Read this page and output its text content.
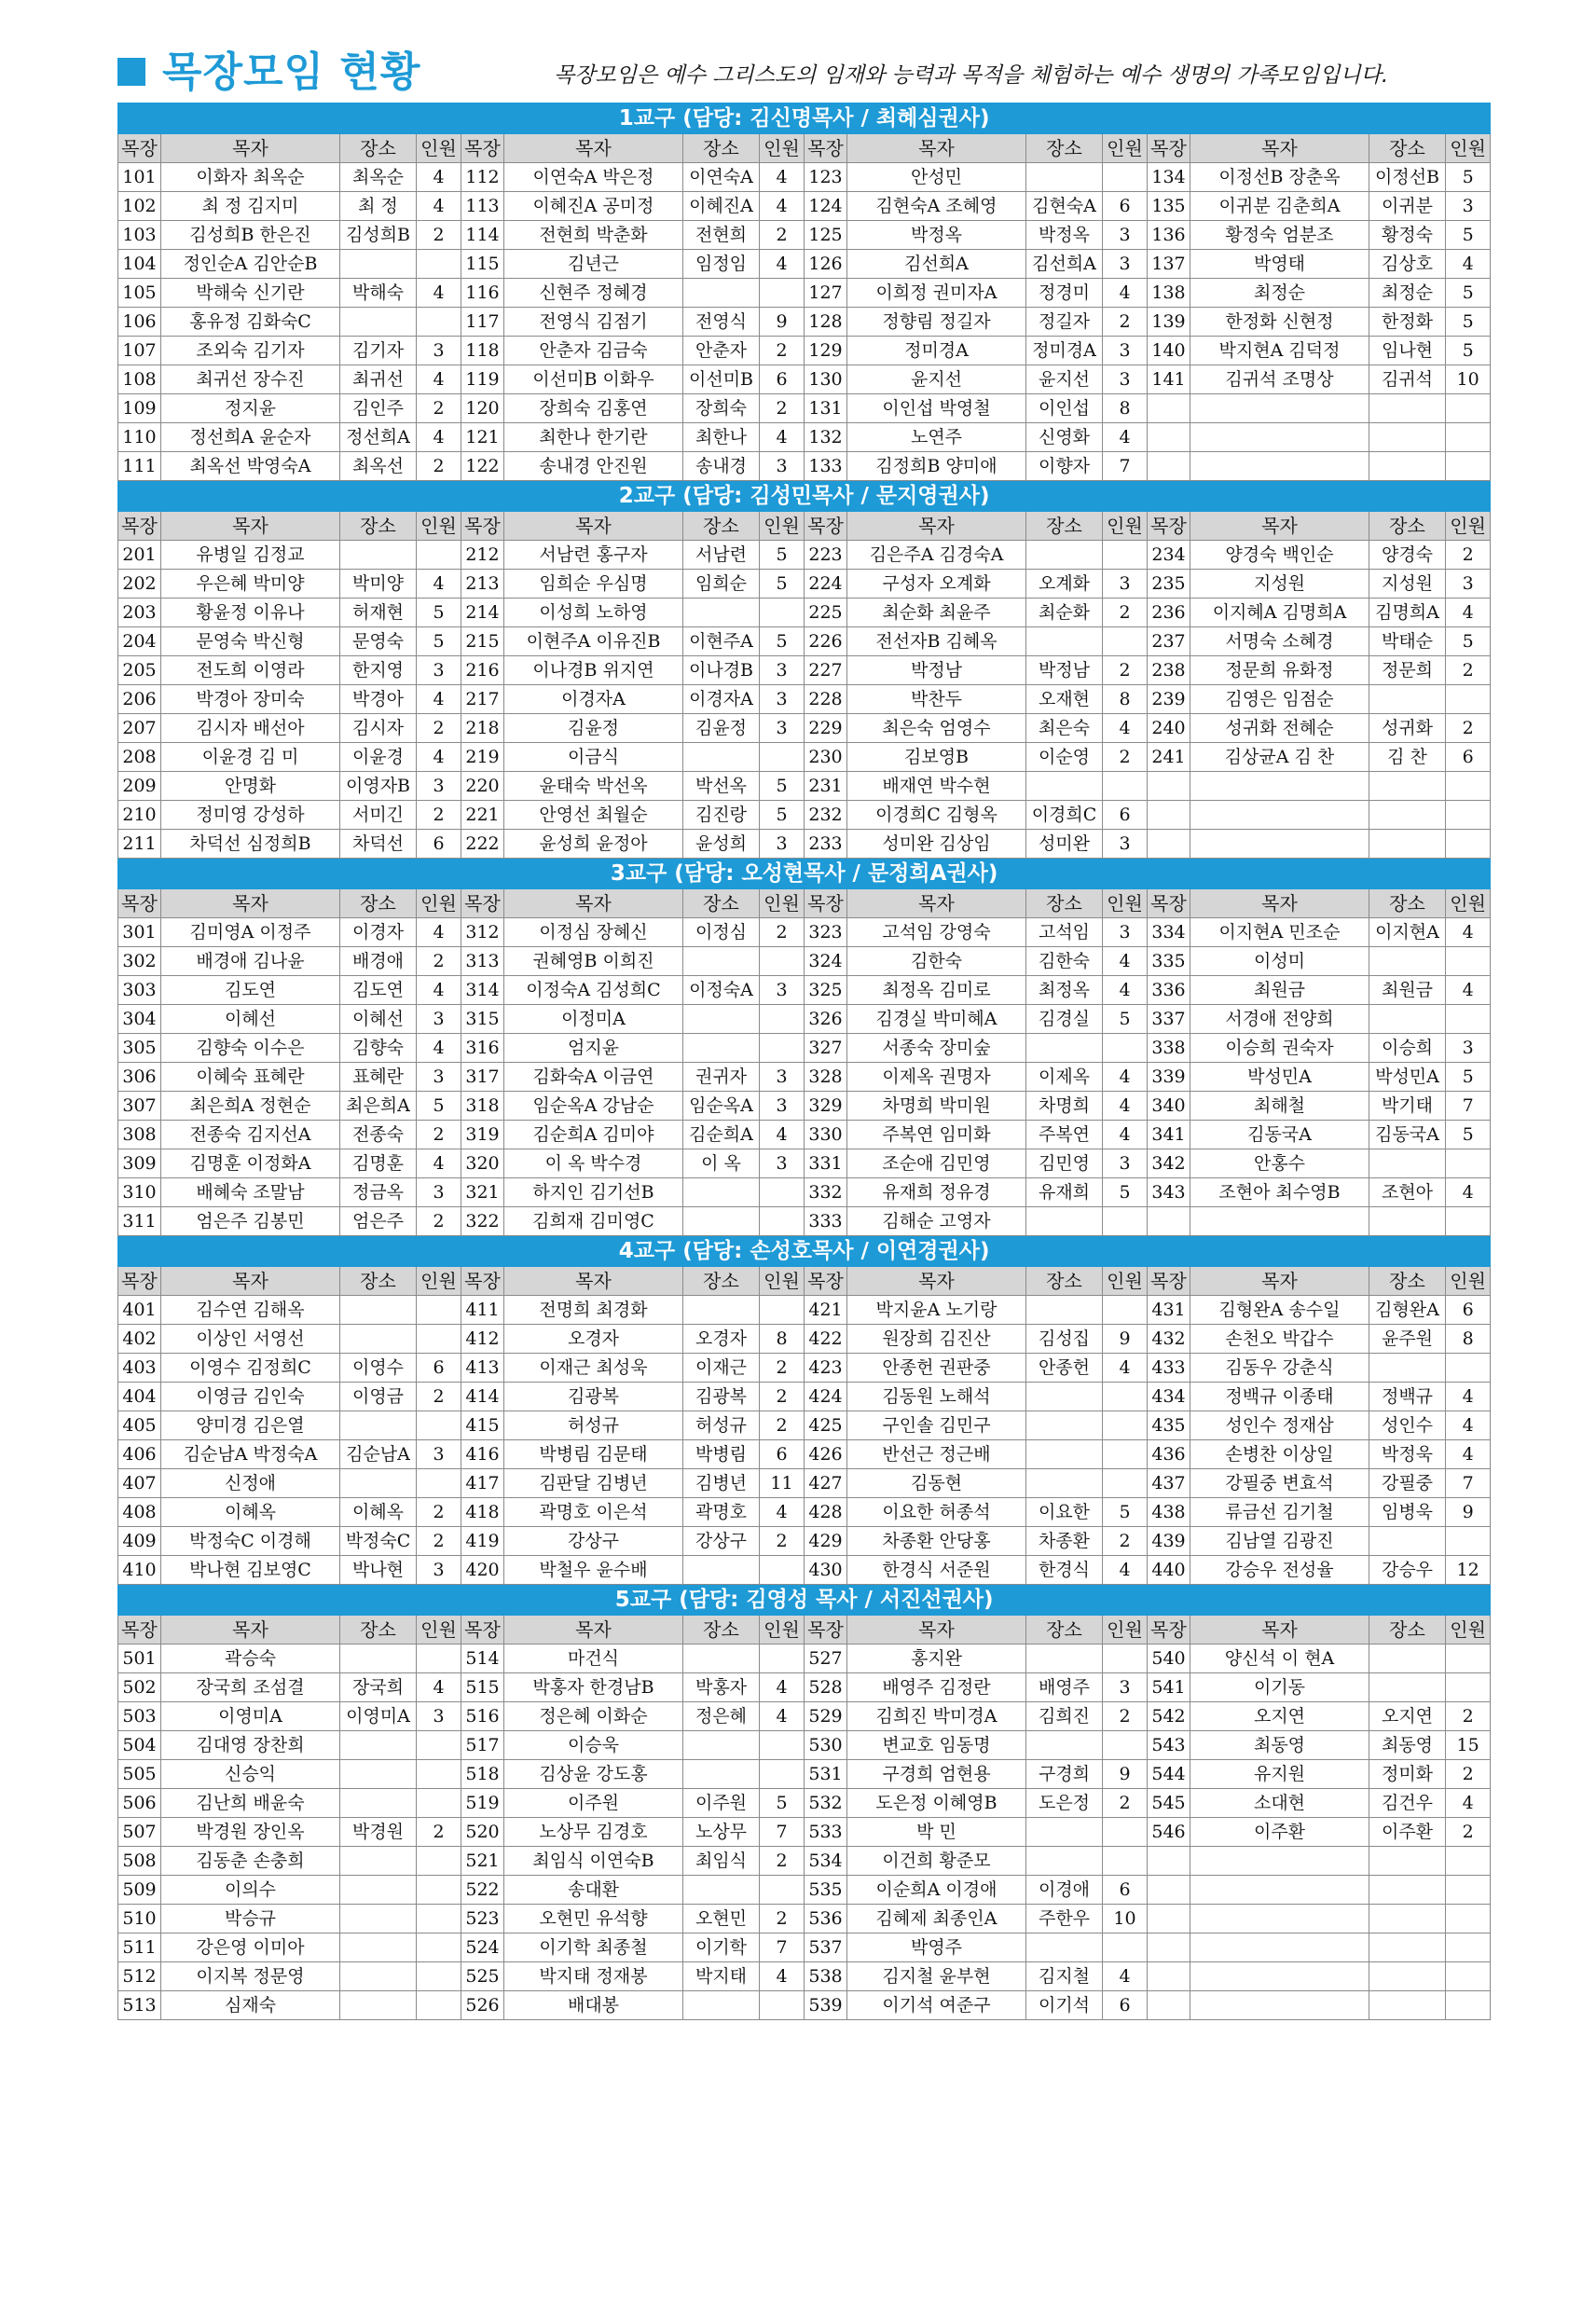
목장모임 현황	목장모임은 예수 그리스도의 임재와 능력과 목적을 체험하는 예수 생명의 가족모임입니다.
1교구 (담당: 김신명목사 / 최혜심권사)															
목장	목자	장소	인원	목장	목자	장소	인원	목장	목자	장소	인원	목장	목자	장소	인원
101	이화자 최옥순	최옥순	4	112	이연숙A 박은정	이연숙A	4	123	안성민			134	이정선B 장춘옥	이정선B	5
102	최 정 김지미	최 정	4	113	이혜진A 공미정	이혜진A	4	124	김현숙A 조혜영	김현숙A	6	135	이귀분 김춘희A	이귀분	3
103	김성희B 한은진	김성희B	2	114	전현희 박춘화	전현희	2	125	박정옥	박정옥	3	136	황정숙 엄분조	황정숙	5
104	정인순A 김안순B			115	김년근	임정임	4	126	김선희A	김선희A	3	137	박영태	김상호	4
105	박해숙 신기란	박해숙	4	116	신현주 정혜경			127	이희정 권미자A	정경미	4	138	최정순	최정순	5
106	홍유정 김화숙C			117	전영식 김점기	전영식	9	128	정향림 정길자	정길자	2	139	한정화 신현정	한정화	5
107	조외숙 김기자	김기자	3	118	안춘자 김금숙	안춘자	2	129	정미경A	정미경A	3	140	박지현A 김덕정	임나현	5
108	최귀선 장수진	최귀선	4	119	이선미B 이화우	이선미B	6	130	윤지선	윤지선	3	141	김귀석 조명상	김귀석	10
109	정지윤	김인주	2	120	장희숙 김홍연	장희숙	2	131	이인섭 박영철	이인섭	8				
110	정선희A 윤순자	정선희A	4	121	최한나 한기란	최한나	4	132	노연주	신영화	4				
111	최옥선 박영숙A	최옥선	2	122	송내경 안진원	송내경	3	133	김정희B 양미애	이향자	7				
2교구 (담당: 김성민목사 / 문지영권사)															
목장	목자	장소	인원	목장	목자	장소	인원	목장	목자	장소	인원	목장	목자	장소	인원
201	유병일 김정교			212	서남련 홍구자	서남련	5	223	김은주A 김경숙A			234	양경숙 백인순	양경숙	2
202	우은혜 박미양	박미양	4	213	임희순 우심명	임희순	5	224	구성자 오계화	오계화	3	235	지성원	지성원	3
203	황윤정 이유나	허재현	5	214	이성희 노하영			225	최순화 최윤주	최순화	2	236	이지혜A 김명희A	김명희A	4
204	문영숙 박신형	문영숙	5	215	이현주A 이유진B	이현주A	5	226	전선자B 김혜옥			237	서명숙 소혜경	박태순	5
205	전도희 이영라	한지영	3	216	이나경B 위지연	이나경B	3	227	박정남	박정남	2	238	정문희 유화정	정문희	2
206	박경아 장미숙	박경아	4	217	이경자A	이경자A	3	228	박찬두	오재현	8	239	김영은 임점순		
207	김시자 배선아	김시자	2	218	김윤정	김윤정	3	229	최은숙 엄영수	최은숙	4	240	성귀화 전혜순	성귀화	2
208	이윤경 김 미	이윤경	4	219	이금식			230	김보영B	이순영	2	241	김상균A 김 찬	김 찬	6
209	안명화	이영자B	3	220	윤태숙 박선옥	박선옥	5	231	배재연 박수현						
210	정미영 강성하	서미긴	2	221	안영선 최월순	김진랑	5	232	이경희C 김형옥	이경희C	6				
211	차덕선 심정희B	차덕선	6	222	윤성희 윤정아	윤성희	3	233	성미완 김상임	성미완	3				
3교구 (담당: 오성현목사 / 문정희A권사)															
목장	목자	장소	인원	목장	목자	장소	인원	목장	목자	장소	인원	목장	목자	장소	인원
301	김미영A 이정주	이경자	4	312	이정심 장혜신	이정심	2	323	고석임 강영숙	고석임	3	334	이지현A 민조순	이지현A	4
302	배경애 김나윤	배경애	2	313	권혜영B 이희진			324	김한숙	김한숙	4	335	이성미		
303	김도연	김도연	4	314	이정숙A 김성희C	이정숙A	3	325	최정옥 김미로	최정옥	4	336	최원금	최원금	4
304	이혜선	이혜선	3	315	이정미A			326	김경실 박미혜A	김경실	5	337	서경애 전양희		
305	김향숙 이수은	김향숙	4	316	엄지윤			327	서종숙 장미숲			338	이승희 권숙자	이승희	3
306	이혜숙 표혜란	표혜란	3	317	김화숙A 이금연	권귀자	3	328	이제옥 권명자	이제옥	4	339	박성민A	박성민A	5
307	최은희A 정현순	최은희A	5	318	임순옥A 강남순	임순옥A	3	329	차명희 박미원	차명희	4	340	최해철	박기태	7
308	전종숙 김지선A	전종숙	2	319	김순희A 김미야	김순희A	4	330	주복연 임미화	주복연	4	341	김동국A	김동국A	5
309	김명훈 이정화A	김명훈	4	320	이 옥 박수경	이 옥	3	331	조순애 김민영	김민영	3	342	안홍수		
310	배혜숙 조말남	정금옥	3	321	하지인 김기선B			332	유재희 정유경	유재희	5	343	조현아 최수영B	조현아	4
311	엄은주 김봉민	엄은주	2	322	김희재 김미영C			333	김해순 고영자						
4교구 (담당: 손성호목사 / 이연경권사)															
목장	목자	장소	인원	목장	목자	장소	인원	목장	목자	장소	인원	목장	목자	장소	인원
401	김수연 김해옥			411	전명희 최경화			421	박지윤A 노기랑			431	김형완A 송수일	김형완A	6
402	이상인 서영선			412	오경자	오경자	8	422	원장희 김진산	김성집	9	432	손천오 박갑수	윤주원	8
403	이영수 김정희C	이영수	6	413	이재근 최성욱	이재근	2	423	안종헌 권판중	안종헌	4	433	김동우 강춘식		
404	이영금 김인숙	이영금	2	414	김광복	김광복	2	424	김동원 노해석			434	정백규 이종태	정백규	4
405	양미경 김은열			415	허성규	허성규	2	425	구인솔 김민구			435	성인수 정재삼	성인수	4
406	김순남A 박정숙A	김순남A	3	416	박병림 김문태	박병림	6	426	반선근 정근배			436	손병찬 이상일	박정욱	4
407	신정애			417	김판달 김병년	김병년	11	427	김동현			437	강필중 변효석	강필중	7
408	이혜옥	이혜옥	2	418	곽명호 이은석	곽명호	4	428	이요한 허종석	이요한	5	438	류금선 김기철	임병욱	9
409	박정숙C 이경해	박정숙C	2	419	강상구	강상구	2	429	차종환 안당홍	차종환	2	439	김남열 김광진		
410	박나현 김보영C	박나현	3	420	박철우 윤수배			430	한경식 서준원	한경식	4	440	강승우 전성율	강승우	12
5교구 (담당: 김영성 목사 / 서진선권사)															
목장	목자	장소	인원	목장	목자	장소	인원	목장	목자	장소	인원	목장	목자	장소	인원
501	곽승숙			514	마건식			527	홍지완			540	양신석 이 현A		
502	장국희 조섬결	장국희	4	515	박홍자 한경남B	박홍자	4	528	배영주 김정란	배영주	3	541	이기동		
503	이영미A	이영미A	3	516	정은혜 이화순	정은혜	4	529	김희진 박미경A	김희진	2	542	오지연	오지연	2
504	김대영 장찬희			517	이승욱			530	변교호 임동명			543	최동영	최동영	15
505	신승익			518	김상윤 강도홍			531	구경희 엄현용	구경희	9	544	유지원	정미화	2
506	김난희 배윤숙			519	이주원	이주원	5	532	도은정 이혜영B	도은정	2	545	소대현	김건우	4
507	박경원 장인옥	박경원	2	520	노상무 김경호	노상무	7	533	박 민			546	이주환	이주환	2
508	김동춘 손충희			521	최임식 이연숙B	최임식	2	534	이건희 황준모						
509	이의수			522	송대환			535	이순희A 이경애	이경애	6				
510	박승규			523	오현민 유석향	오현민	2	536	김혜제 최종인A	주한우	10				
511	강은영 이미아			524	이기학 최종철	이기학	7	537	박영주						
512	이지복 정문영			525	박지태 정재봉	박지태	4	538	김지철 윤부현	김지철	4				
513	심재숙			526	배대봉			539	이기석 여준구	이기석	6				
